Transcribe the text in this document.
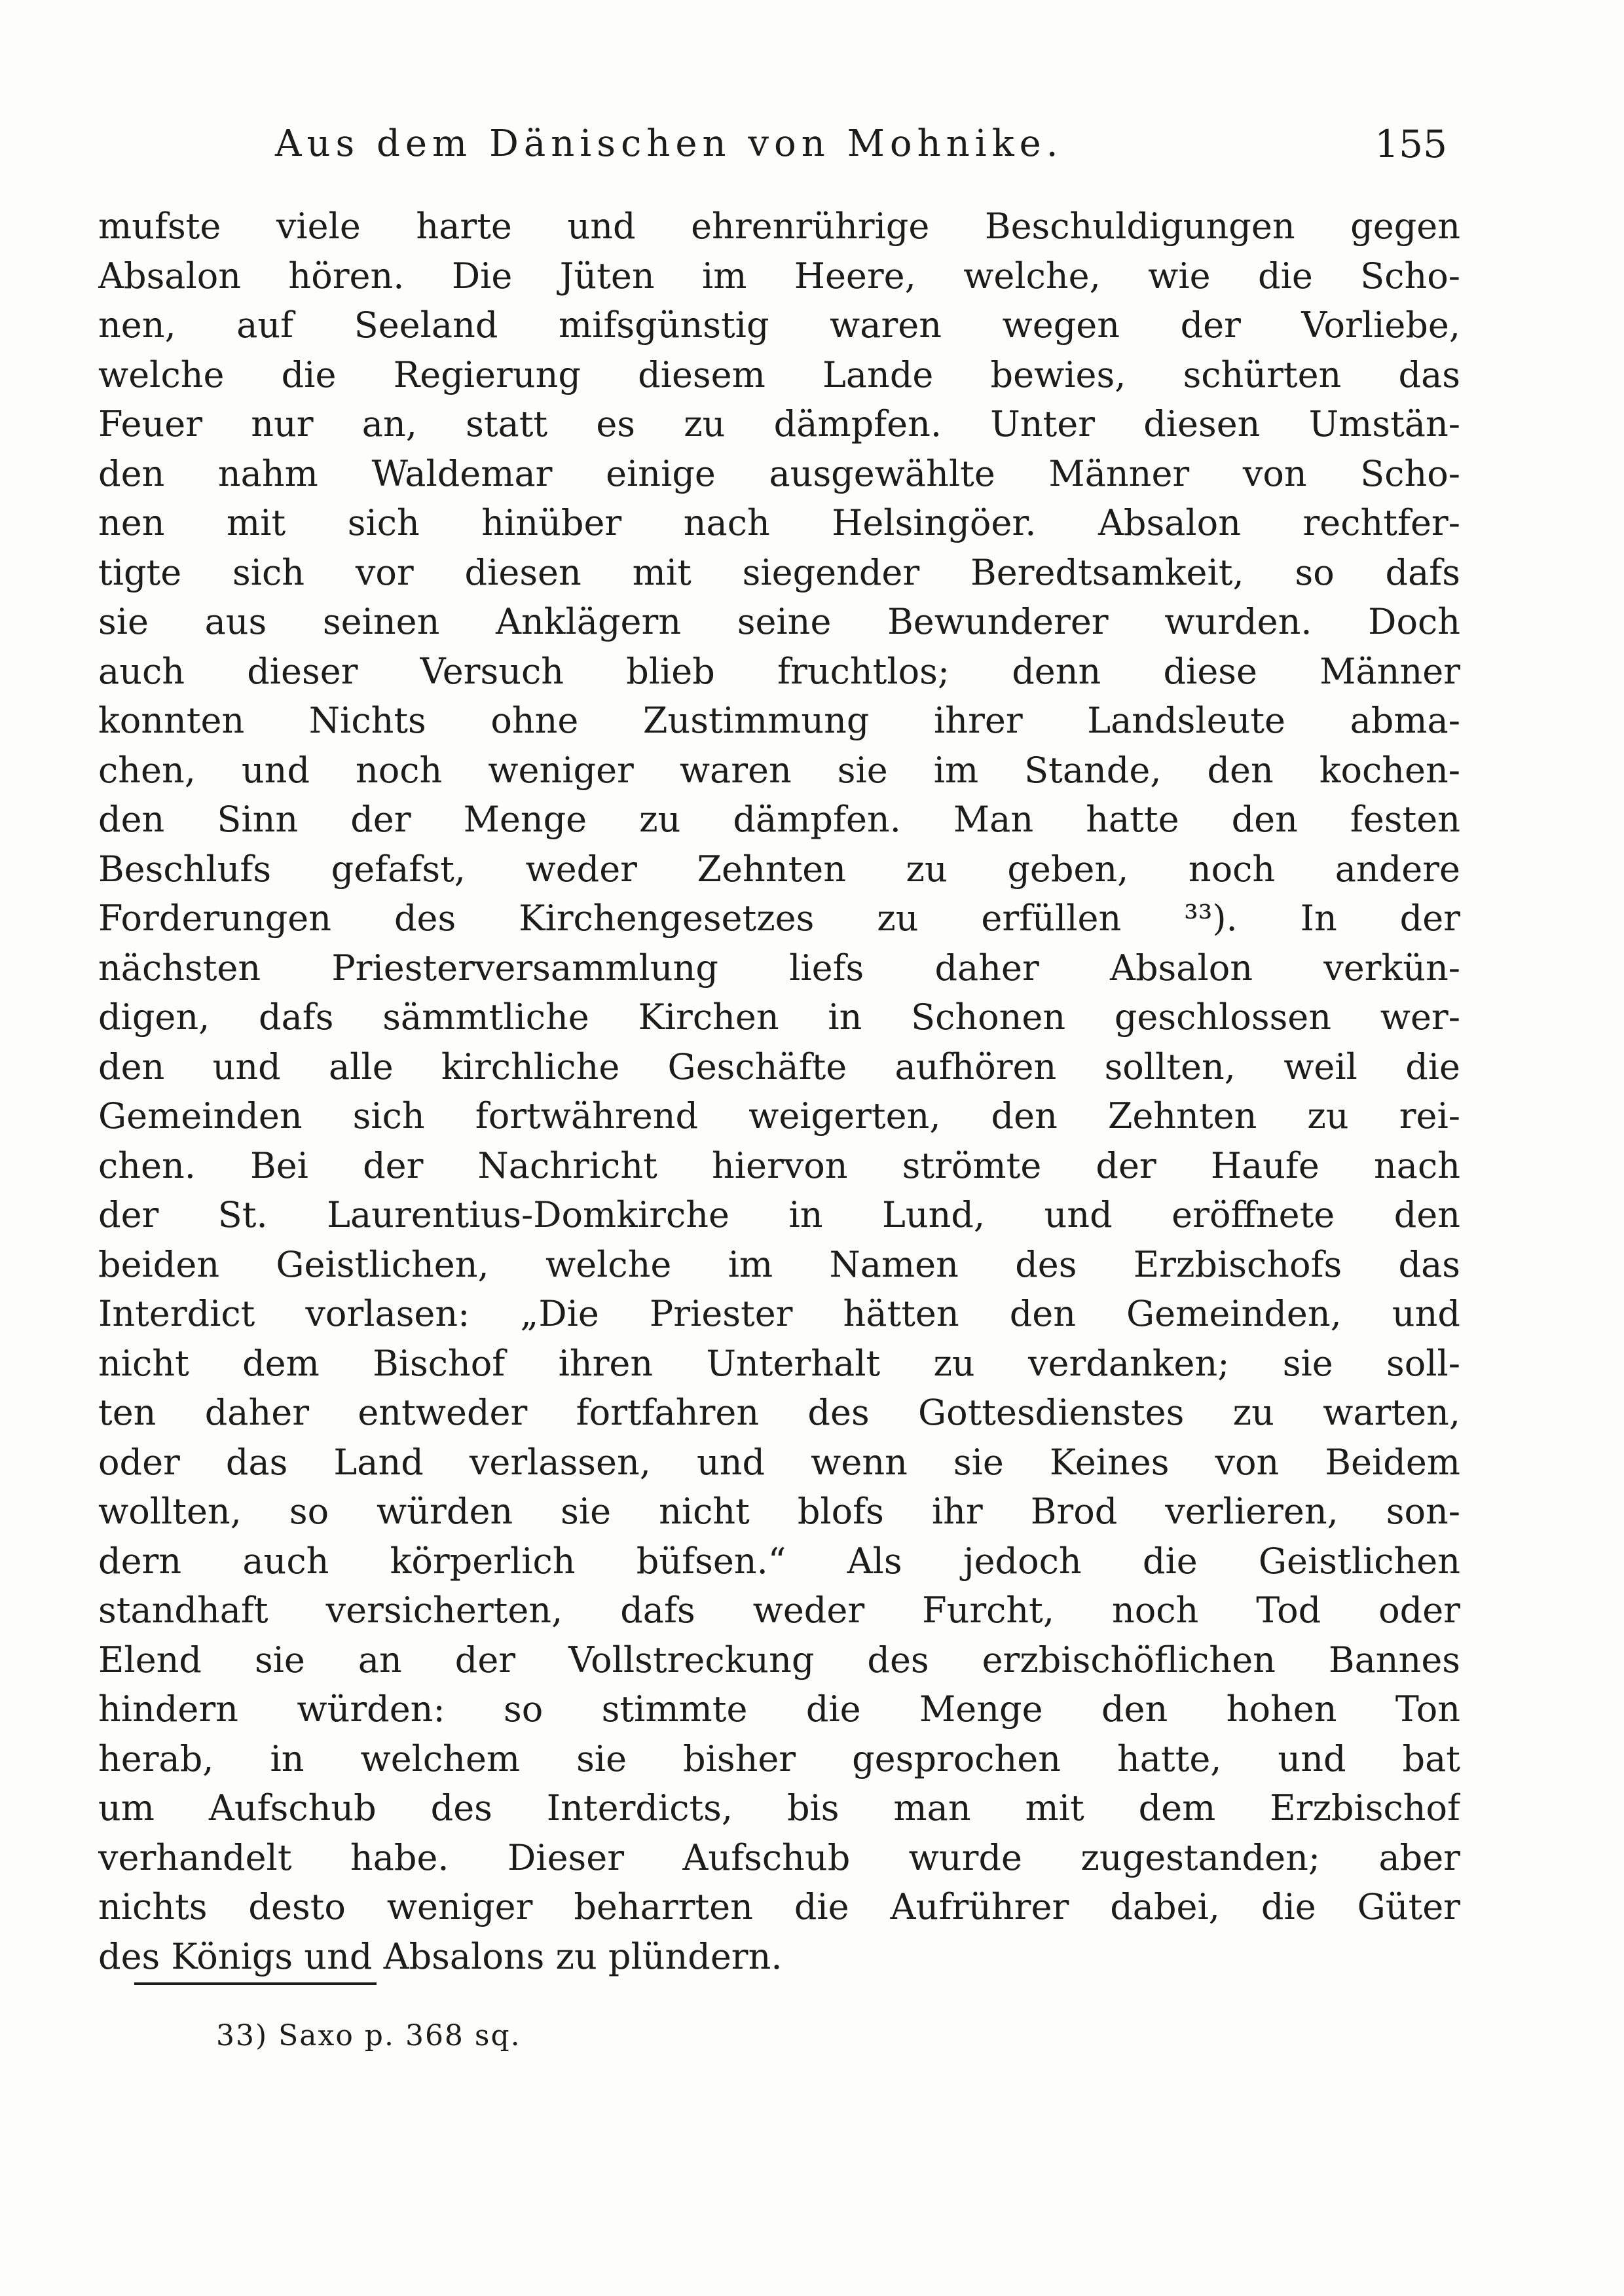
Aus dem Dänischen von Mohnike.	155
mufste viele harte und ehrenrührige Beschuldigungen gegen
Absalon hören. Die Jüten im Heere, welche, wie die Scho-
nen, auf Seeland mifsgünstig waren wegen der Vorliebe,
welche die Regierung diesem Lande bewies, schürten das
Feuer nur an, statt es zu dämpfen. Unter diesen Umstän-
den nahm Waldemar einige ausgewählte Männer von Scho-
nen mit sich hinüber nach Helsingöer. Absalon rechtfer-
tigte sich vor diesen mit siegender Beredtsamkeit, so dafs
sie aus seinen Anklägern seine Bewunderer wurden. Doch
auch dieser Versuch blieb fruchtlos; denn diese Männer
konnten Nichts ohne Zustimmung ihrer Landsleute abma-
chen, und noch weniger waren sie im Stande, den kochen-
den Sinn der Menge zu dämpfen. Man hatte den festen
Beschlufs gefafst, weder Zehnten zu geben, noch andere
Forderungen des Kirchengesetzes zu erfüllen ³³). In der
nächsten Priesterversammlung liefs daher Absalon verkün-
digen, dafs sämmtliche Kirchen in Schonen geschlossen wer-
den und alle kirchliche Geschäfte aufhören sollten, weil die
Gemeinden sich fortwährend weigerten, den Zehnten zu rei-
chen. Bei der Nachricht hiervon strömte der Haufe nach
der St. Laurentius-Domkirche in Lund, und eröffnete den
beiden Geistlichen, welche im Namen des Erzbischofs das
Interdict vorlasen: „Die Priester hätten den Gemeinden, und
nicht dem Bischof ihren Unterhalt zu verdanken; sie soll-
ten daher entweder fortfahren des Gottesdienstes zu warten,
oder das Land verlassen, und wenn sie Keines von Beidem
wollten, so würden sie nicht blofs ihr Brod verlieren, son-
dern auch körperlich büfsen.“ Als jedoch die Geistlichen
standhaft versicherten, dafs weder Furcht, noch Tod oder
Elend sie an der Vollstreckung des erzbischöflichen Bannes
hindern würden: so stimmte die Menge den hohen Ton
herab, in welchem sie bisher gesprochen hatte, und bat
um Aufschub des Interdicts, bis man mit dem Erzbischof
verhandelt habe. Dieser Aufschub wurde zugestanden; aber
nichts desto weniger beharrten die Aufrührer dabei, die Güter
des Königs und Absalons zu plündern.
33) Saxo p. 368 sq.
